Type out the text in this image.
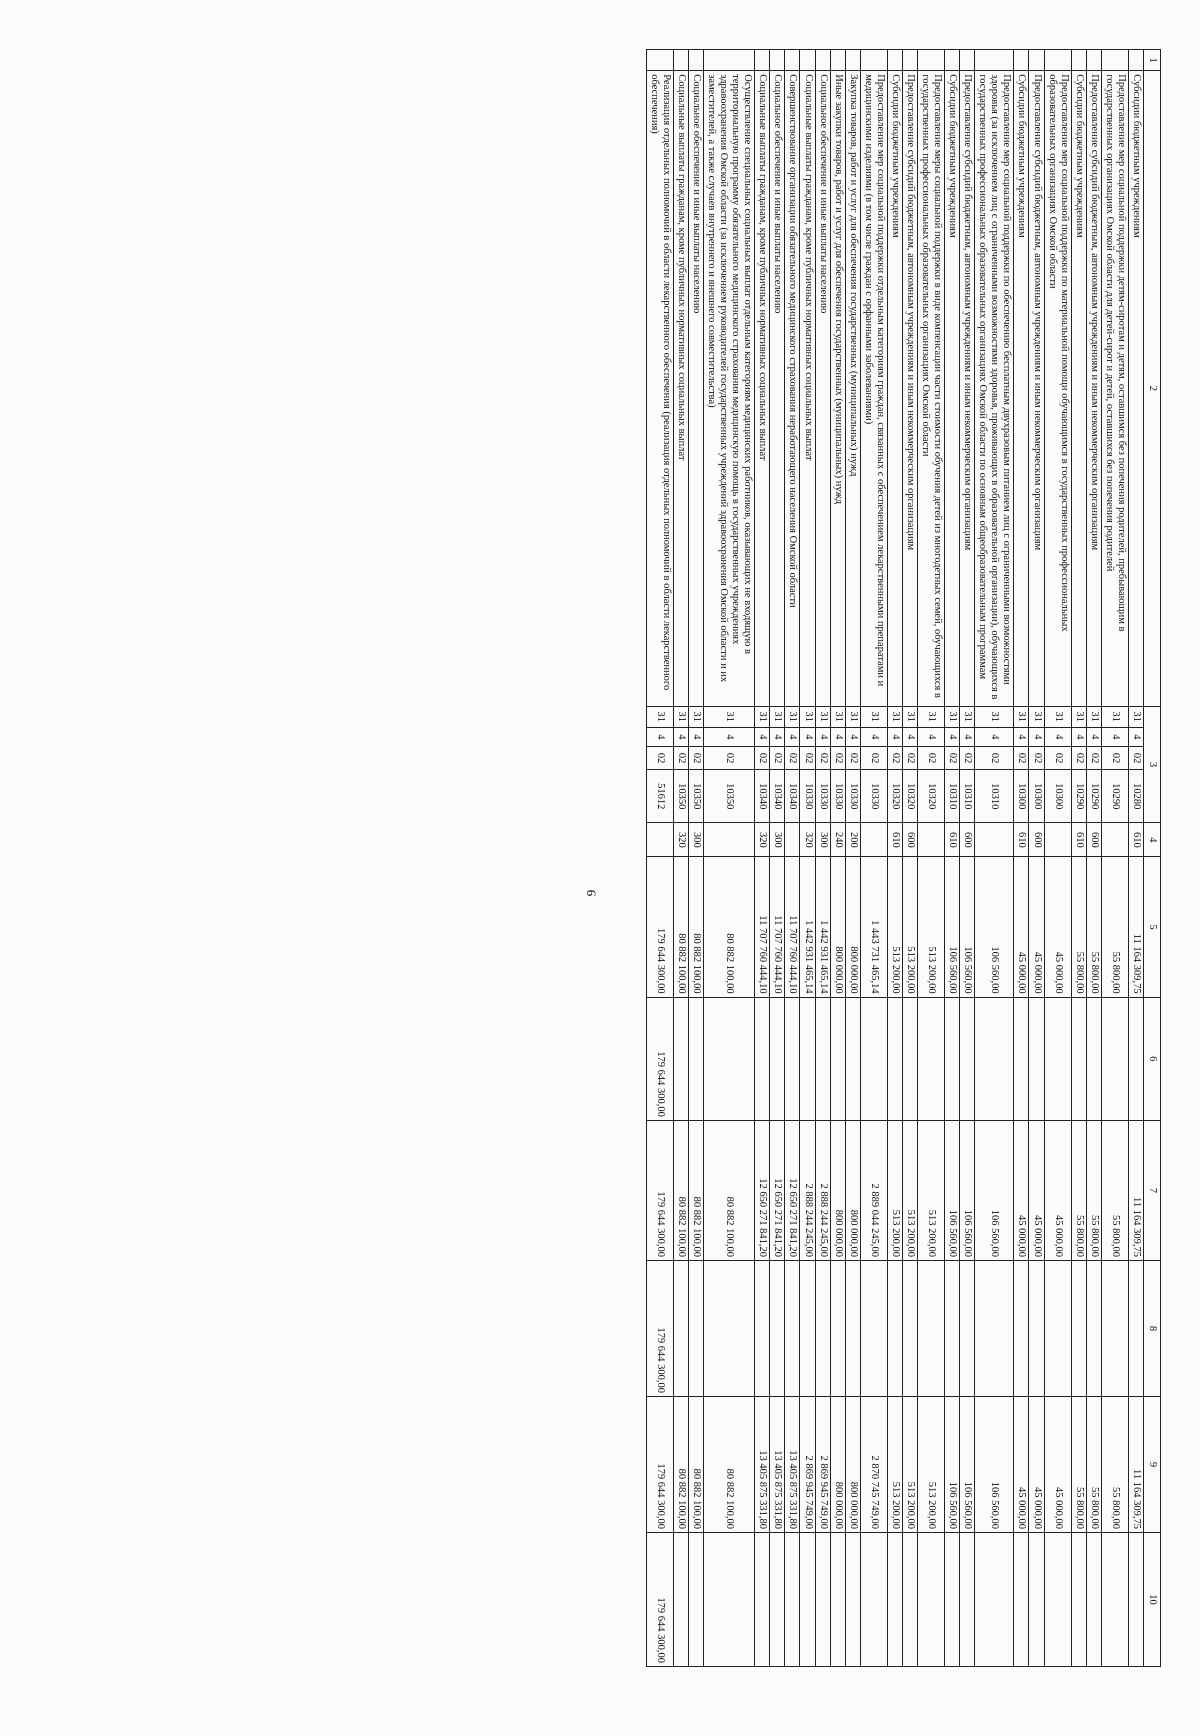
9
1	2	3				4	5	6	7	8	9	10
	Субсидии бюджетным учреждениям	31	4	02	10280	610	11 164 309,75		11 164 309,75		11 164 309,75	
	Предоставление мер социальной поддержки детям-сиротам и детям, оставшимся без попечения родителей, пребывающим в государственных организациях Омской области для детей-сирот и детей, оставшихся без попечения родителей	31	4	02	10290		55 800,00		55 800,00		55 800,00	
	Предоставление субсидий бюджетным, автономным учреждениям и иным некоммерческим организациям	31	4	02	10290	600	55 800,00		55 800,00		55 800,00	
	Субсидии бюджетным учреждениям	31	4	02	10290	610	55 800,00		55 800,00		55 800,00	
	Предоставление мер социальной поддержки по материальной помощи обучающимся в государственных профессиональных образовательных организациях Омской области	31	4	02	10300		45 000,00		45 000,00		45 000,00	
	Предоставление субсидий бюджетным, автономным учреждениям и иным некоммерческим организациям	31	4	02	10300	600	45 000,00		45 000,00		45 000,00	
	Субсидии бюджетным учреждениям	31	4	02	10300	610	45 000,00		45 000,00		45 000,00	
	Предоставление мер социальной поддержки по обеспечению бесплатным двухразовым питанием лиц с ограниченными возможностями здоровья (за исключением лиц с ограниченными возможностями здоровья, проживающих в образовательной организации), обучающихся в государственных профессиональных образовательных организациях Омской области по основным общеобразовательным программам	31	4	02	10310		106 560,00		106 560,00		106 560,00	
	Предоставление субсидий бюджетным, автономным учреждениям и иным некоммерческим организациям	31	4	02	10310	600	106 560,00		106 560,00		106 560,00	
	Субсидии бюджетным учреждениям	31	4	02	10310	610	106 560,00		106 560,00		106 560,00	
	Предоставление меры социальной поддержки в виде компенсации части стоимости обучения детей из многодетных семей, обучающихся в государственных профессиональных образовательных организациях Омской области	31	4	02	10320		513 200,00		513 200,00		513 200,00	
	Предоставление субсидий бюджетным, автономным учреждениям и иным некоммерческим организациям	31	4	02	10320	600	513 200,00		513 200,00		513 200,00	
	Субсидии бюджетным учреждениям	31	4	02	10320	610	513 200,00		513 200,00		513 200,00	
	Предоставление мер социальной поддержки отдельным категориям граждан, связанных с обеспечением лекарственными препаратами и медицинскими изделиями (в том числе граждан с орфанными заболеваниями)	31	4	02	10330		1 443 731 465,14		2 889 044 245,00		2 870 745 749,00	
	Закупка товаров, работ и услуг для обеспечения государственных (муниципальных) нужд	31	4	02	10330	200	800 000,00		800 000,00		800 000,00	
	Иные закупки товаров, работ и услуг для обеспечения государственных (муниципальных) нужд	31	4	02	10330	240	800 000,00		800 000,00		800 000,00	
	Социальное обеспечение и иные выплаты населению	31	4	02	10330	300	1 442 931 465,14		2 888 244 245,00		2 869 945 749,00	
	Социальные выплаты гражданам, кроме публичных нормативных социальных выплат	31	4	02	10330	320	1 442 931 465,14		2 888 244 245,00		2 869 945 749,00	
	Совершенствование организации обязательного медицинского страхования неработающего населения Омской области	31	4	02	10340		11 707 760 444,10		12 650 271 841,20		13 405 875 331,80	
	Социальное обеспечение и иные выплаты населению	31	4	02	10340	300	11 707 760 444,10		12 650 271 841,20		13 405 875 331,80	
	Социальные выплаты гражданам, кроме публичных нормативных социальных выплат	31	4	02	10340	320	11 707 760 444,10		12 650 271 841,20		13 405 875 331,80	
	Осуществление специальных социальных выплат отдельным категориям медицинских работников, оказывающих не входящую в территориальную программу обязательного медицинского страхования медицинскую помощь в государственных учреждениях здравоохранения Омской области (за исключением руководителей государственных учреждений здравоохранения Омской области и их заместителей, а также случаев внутреннего и внешнего совместительства)	31	4	02	10350		80 882 100,00		80 882 100,00		80 882 100,00	
	Социальное обеспечение и иные выплаты населению	31	4	02	10350	300	80 882 100,00		80 882 100,00		80 882 100,00	
	Социальные выплаты гражданам, кроме публичных нормативных социальных выплат	31	4	02	10350	320	80 882 100,00		80 882 100,00		80 882 100,00	
	Реализация отдельных полномочий в области лекарственного обеспечения (реализация отдельных полномочий в области лекарственного обеспечения)	31	4	02	51612		179 644 300,00	179 644 300,00	179 644 300,00	179 644 300,00	179 644 300,00	179 644 300,00
